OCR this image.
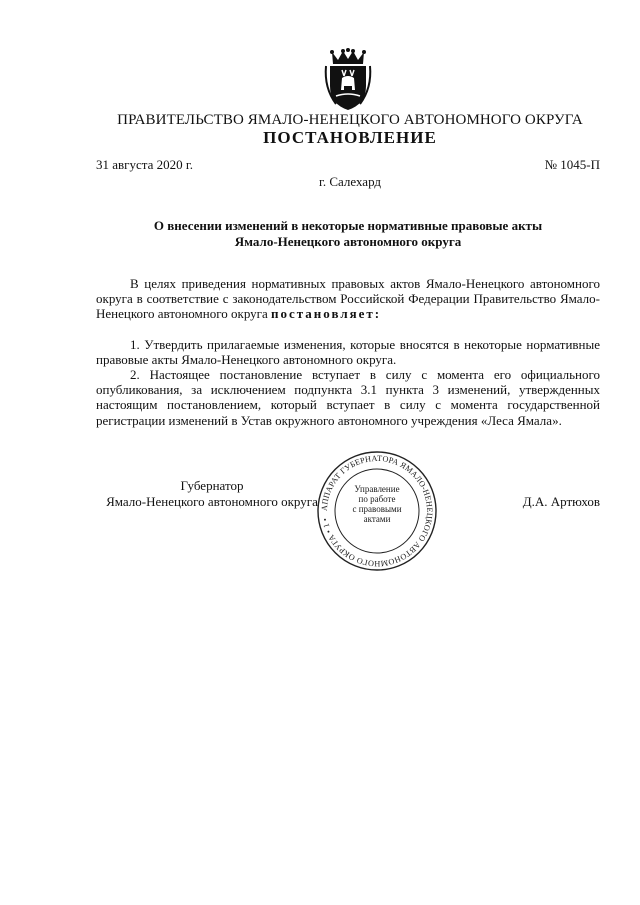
ПРАВИТЕЛЬСТВО ЯМАЛО-НЕНЕЦКОГО АВТОНОМНОГО ОКРУГА
ПОСТАНОВЛЕНИЕ
31 августа 2020 г.	№ 1045-П
г. Салехард
О внесении изменений в некоторые нормативные правовые акты
Ямало-Ненецкого автономного округа

В целях приведения нормативных правовых актов Ямало-Ненецкого автономного округа в соответствие с законодательством Российской Федерации Правительство Ямало-Ненецкого автономного округа постановляет:

1. Утвердить прилагаемые изменения, которые вносятся в некоторые нормативные правовые акты Ямало-Ненецкого автономного округа.

2. Настоящее постановление вступает в силу с момента его официального опубликования, за исключением подпункта 3.1 пункта 3 изменений, утвержденных настоящим постановлением, который вступает в силу с момента государственной регистрации изменений в Устав окружного автономного учреждения «Леса Ямала».

Губернатор
Ямало-Ненецкого автономного округа	Д.А. Артюхов
АППАРАТ ГУБЕРНАТОРА ЯМАЛО-НЕНЕЦКОГО АВТОНОМНОГО ОКРУГА • 1 •
Управление
по работе
с правовыми
актами
